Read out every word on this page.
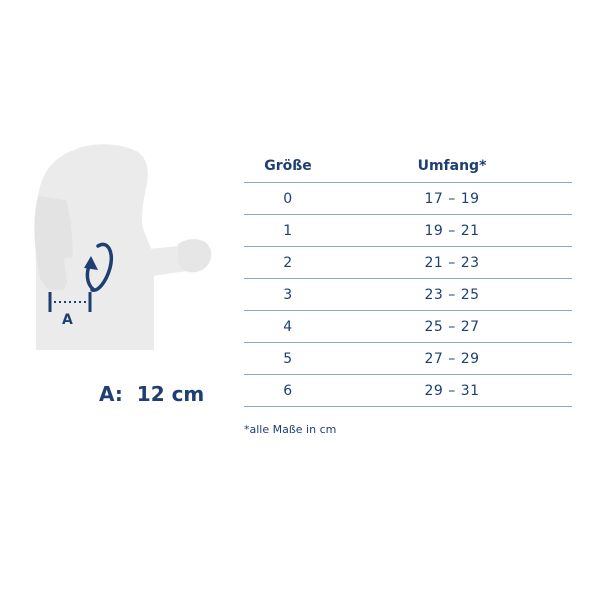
A
A:  12 cm
Größe	Umfang*
0	17 – 19
1	19 – 21
2	21 – 23
3	23 – 25
4	25 – 27
5	27 – 29
6	29 – 31
*alle Maße in cm
